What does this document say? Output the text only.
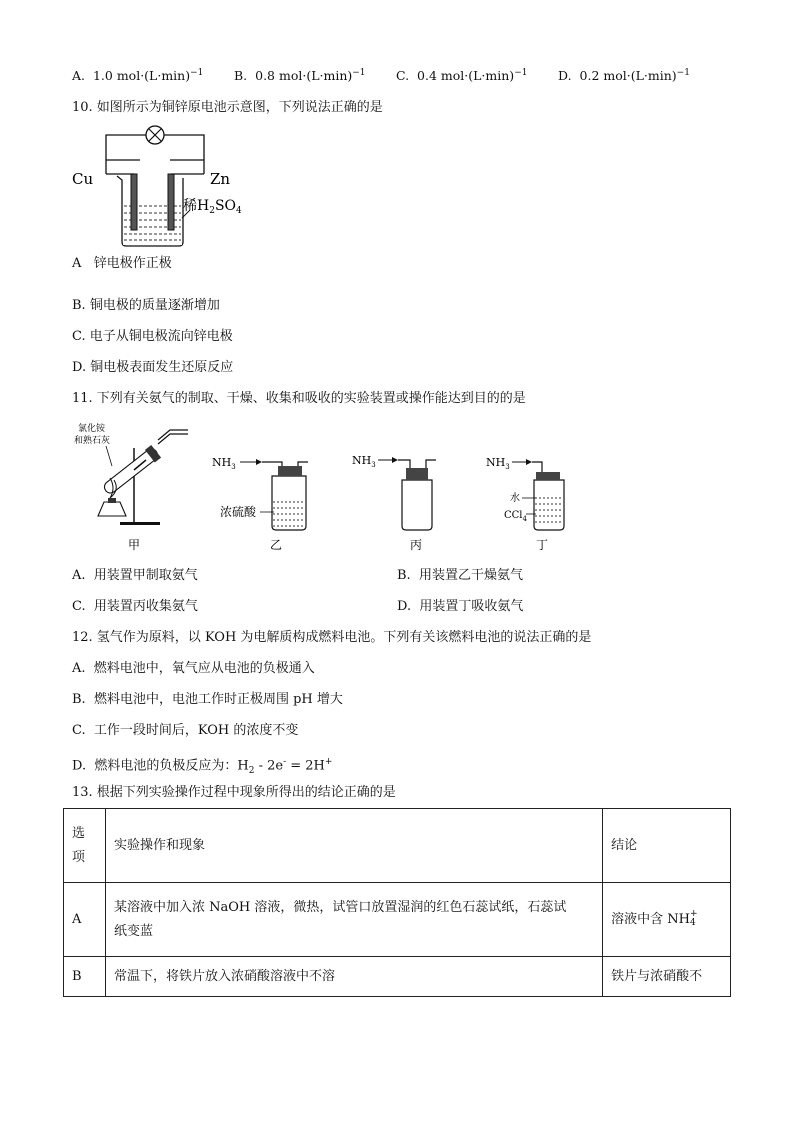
A. 1.0 $mol\cdot(L\cdot\min)^{-1}$ B. 0.8 $mol\cdot(L\cdot\min)^{-1}$ C. 0.4 $mol\cdot(L\cdot\min)^{-1}$ D. 0.2 $mol\cdot(L\cdot\min)^{-1}$
10. 如图所示为铜锌原电池示意图，下列说法正确的是
Cu	Zn
稀$H_2SO_4$
A 锌电极作正极
B. 铜电极的质量逐渐增加
C. 电子从铜电极流向锌电极
D. 铜电极表面发生还原反应
11. 下列有关氨气的制取、干燥、收集和吸收的实验装置或操作能达到目的的是
氯化铵
和熟石灰
甲
$NH_3$
浓硫酸
乙
$NH_3$
丙
$NH_3$
水
CCl$_4$
丁
A. 用装置甲制取氨气	B. 用装置乙干燥氨气
C. 用装置丙收集氨气	D. 用装置丁吸收氨气
12. 氢气作为原料，以 KOH 为电解质构成燃料电池。下列有关该燃料电池的说法正确的是
A. 燃料电池中，氧气应从电池的负极通入
B. 燃料电池中，电池工作时正极周围 pH 增大
C. 工作一段时间后，KOH 的浓度不变
D. 燃料电池的负极反应为：$H_2 - 2e^- = 2H^+$
13. 根据下列实验操作过程中现象所得出的结论正确的是
选
项	实验操作和现象	结论
A	某溶液中加入浓 NaOH 溶液，微热，试管口放置湿润的红色石蕊试纸，石蕊试
纸变蓝	溶液中含 NH +
4

B	常温下，将铁片放入浓硝酸溶液中不溶	铁片与浓硝酸不
